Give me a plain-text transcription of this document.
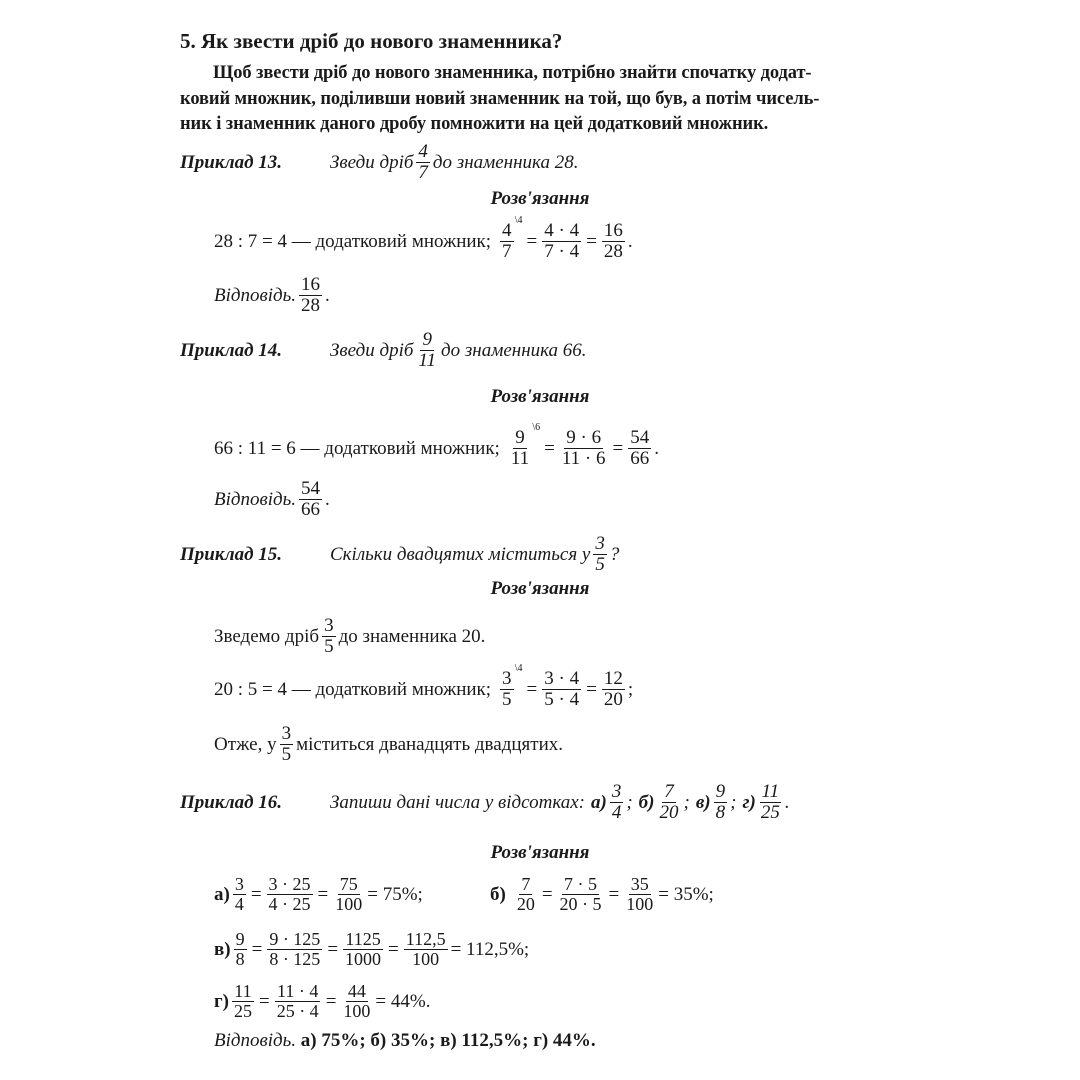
5. Як звести дріб до нового знаменника?
Щоб звести дріб до нового знаменника, потрібно знайти спочатку додат-
ковий множник, поділивши новий знаменник на той, що був, а потім чисель-
ник і знаменник даного дробу помножити на цей додатковий множник.
Приклад 13.	Зведи дріб $\frac{4}{7}$ до знаменника 28.
Розв'язання
28 : 7 = 4 — додатковий множник; 4
7
\4
= $\frac{4 \cdot 4}{7 \cdot 4} = \frac{16}{28}$ .
Відповідь. $\frac{16}{28}$ .
Приклад 14.	Зведи дріб $\frac{9}{11}$ до знаменника 66.
Розв'язання
66 : 11 = 6 — додатковий множник; 9
11
\6
= $\frac{9 \cdot 6}{11 \cdot 6} = \frac{54}{66}$ .
Відповідь. $\frac{54}{66}$ .
Приклад 15.	Скільки двадцятих міститься у $\frac{3}{5}$ ?
Розв'язання
Зведемо дріб $\frac{3}{5}$ до знаменника 20.
20 : 5 = 4 — додатковий множник; 3
5
\4
= $\frac{3 \cdot 4}{5 \cdot 4} = \frac{12}{20}$ ;
Отже, у $\frac{3}{5}$ міститься дванадцять двадцятих.
Приклад 16.	Запиши дані числа у відсотках: $а) \frac{3}{4}$ ; $б) \frac{7}{20}$ ; $в) \frac{9}{8}$ ; $г) \frac{11}{25}$ .
Розв'язання
$а) \frac{3}{4} = \frac{3 \cdot 25}{4 \cdot 25} = \frac{75}{100} = 75\%$;	$б) \frac{7}{20} = \frac{7 \cdot 5}{20 \cdot 5} = \frac{35}{100} = 35\%$;
$в) \frac{9}{8} = \frac{9 \cdot 125}{8 \cdot 125} = \frac{1125}{1000} = \frac{112,5}{100} = 112,5\%$;
$г) \frac{11}{25} = \frac{11 \cdot 4}{25 \cdot 4} = \frac{44}{100} = 44\%$.
Відповідь. а) 75%; б) 35%; в) 112,5%; г) 44%.
